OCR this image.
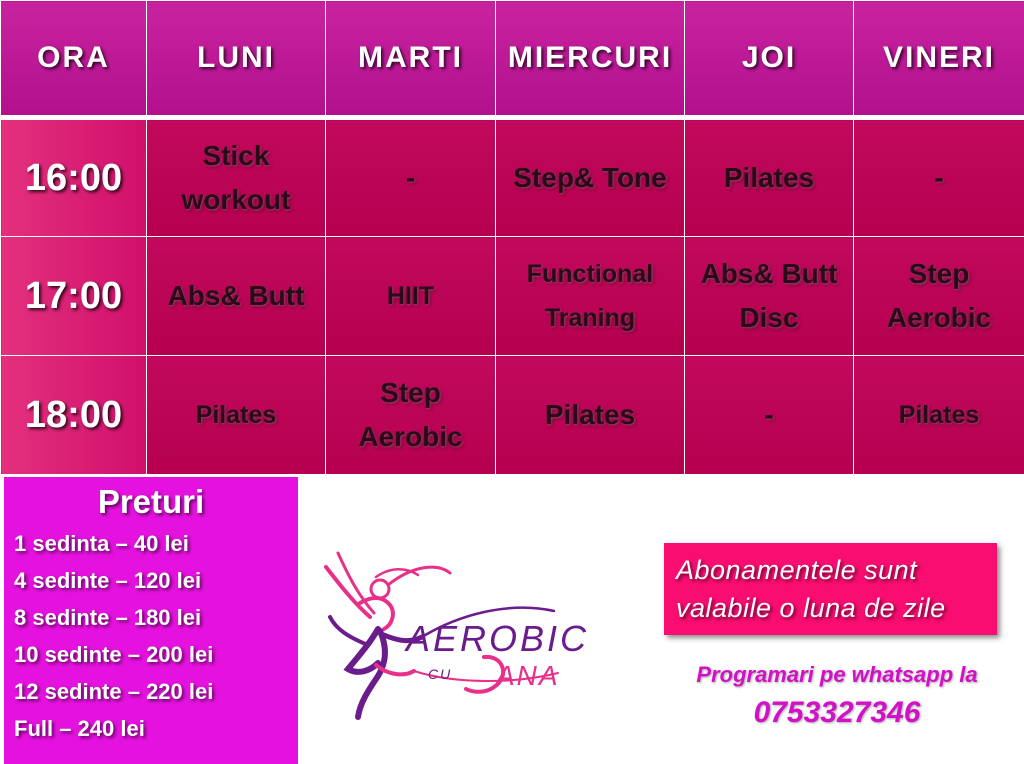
ORA	LUNI	MARTI	MIERCURI	JOI	VINERI
16:00	Stick workout	-	Step& Tone	Pilates	-
17:00	Abs& Butt	HIIT	Functional Traning	Abs& Butt Disc	Step Aerobic
18:00	Pilates	Step Aerobic	Pilates	-	Pilates
Preturi
1 sedinta – 40 lei
4 sedinte – 120 lei
8 sedinte – 180 lei
10 sedinte – 200 lei
12 sedinte – 220 lei
Full – 240 lei
AEROBIC
CU ANA
Abonamentele sunt
valabile o luna de zile
Programari pe whatsapp la
0753327346
